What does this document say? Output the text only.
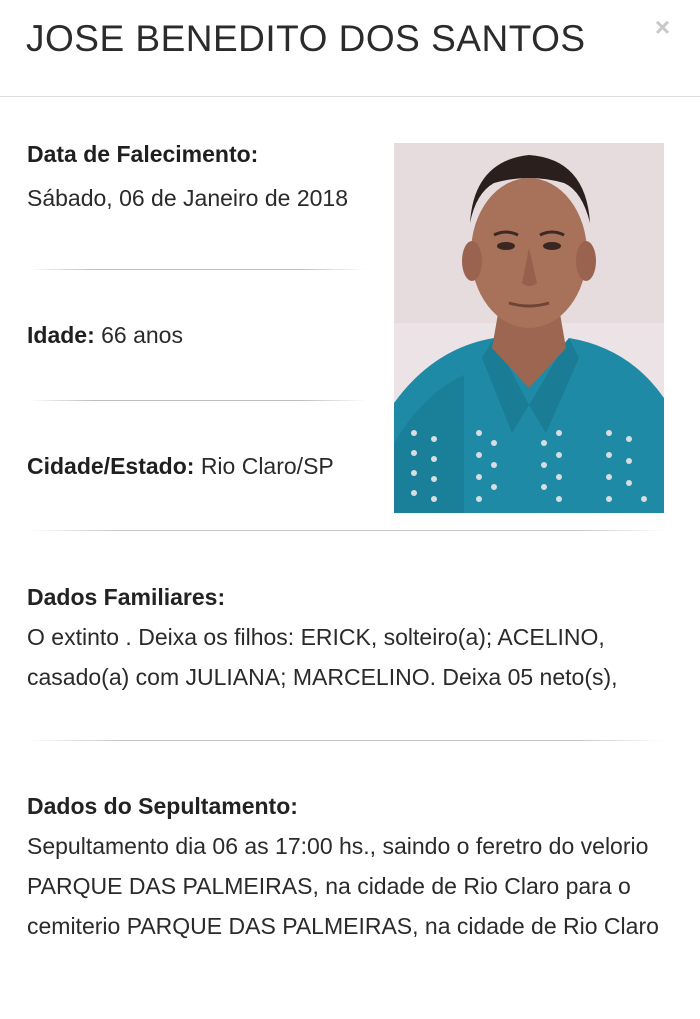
JOSE BENEDITO DOS SANTOS	×
Data de Falecimento:
Sábado, 06 de Janeiro de 2018
Idade: 66 anos
Cidade/Estado: Rio Claro/SP
Dados Familiares:
O extinto . Deixa os filhos: ERICK, solteiro(a); ACELINO, casado(a) com JULIANA; MARCELINO. Deixa 05 neto(s),
Dados do Sepultamento:
Sepultamento dia 06 as 17:00 hs., saindo o feretro do velorio PARQUE DAS PALMEIRAS, na cidade de Rio Claro para o cemiterio PARQUE DAS PALMEIRAS, na cidade de Rio Claro
